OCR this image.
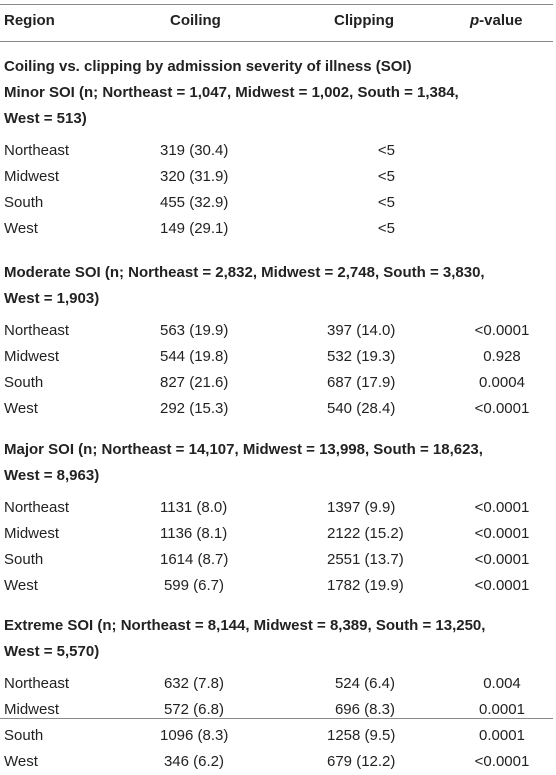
Region	Coiling	Clipping	p-value
Coiling vs. clipping by admission severity of illness (SOI)
Minor SOI (n; Northeast = 1,047, Midwest = 1,002, South = 1,384,
West = 513)
Northeast	319 (30.4)	<5
Midwest	320 (31.9)	<5
South	455 (32.9)	<5
West	149 (29.1)	<5
Moderate SOI (n; Northeast = 2,832, Midwest = 2,748, South = 3,830,
West = 1,903)
Northeast	563 (19.9)	397 (14.0)	<0.0001
Midwest	544 (19.8)	532 (19.3)	0.928
South	827 (21.6)	687 (17.9)	0.0004
West	292 (15.3)	540 (28.4)	<0.0001
Major SOI (n; Northeast = 14,107, Midwest = 13,998, South = 18,623,
West = 8,963)
Northeast	1131 (8.0)	1397 (9.9)	<0.0001
Midwest	1136 (8.1)	2122 (15.2)	<0.0001
South	1614 (8.7)	2551 (13.7)	<0.0001
West	599 (6.7)	1782 (19.9)	<0.0001
Extreme SOI (n; Northeast = 8,144, Midwest = 8,389, South = 13,250,
West = 5,570)
Northeast	632 (7.8)	524 (6.4)	0.004
Midwest	572 (6.8)	696 (8.3)	0.0001
South	1096 (8.3)	1258 (9.5)	0.0001
West	346 (6.2)	679 (12.2)	<0.0001
